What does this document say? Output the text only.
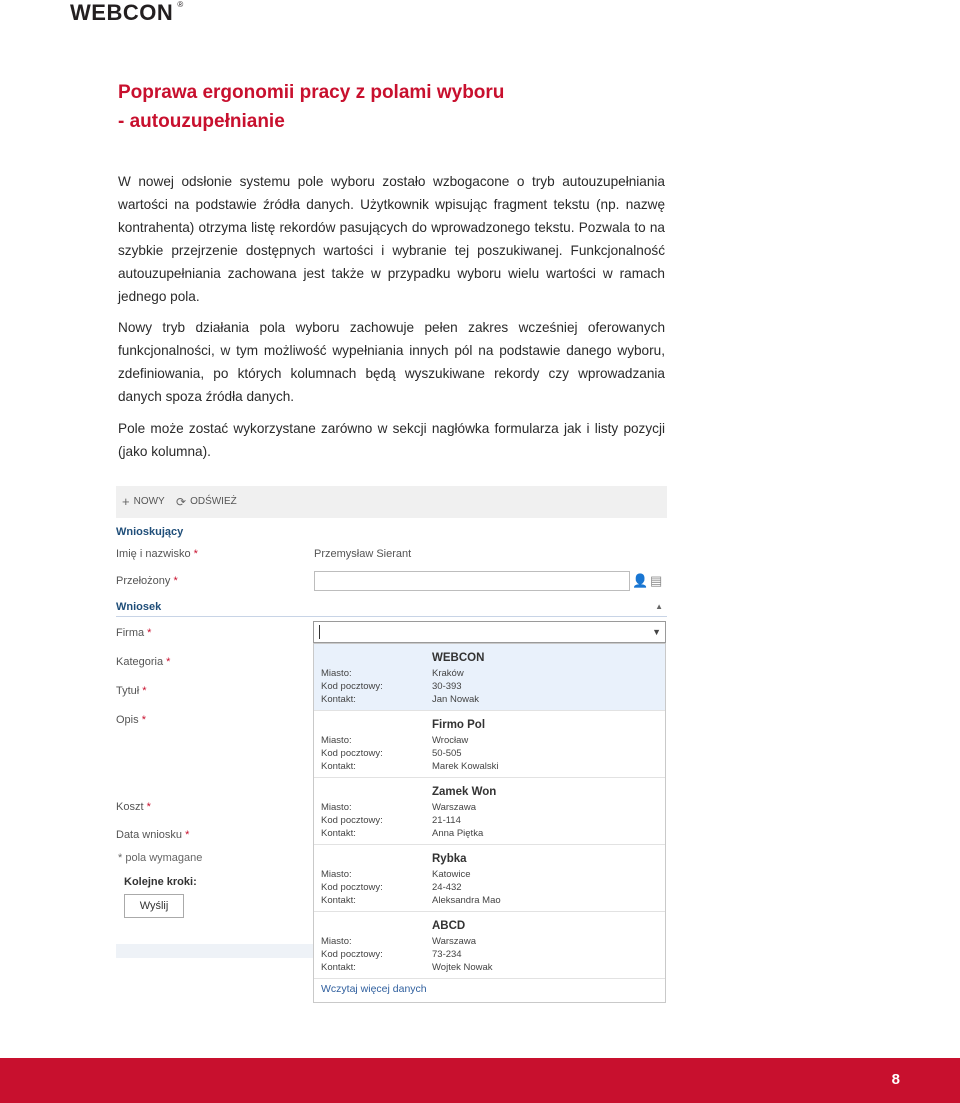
WEBCON ®
Poprawa ergonomii pracy z polami wyboru
- autouzupełnianie

W nowej odsłonie systemu pole wyboru zostało wzbogacone o tryb autouzupełniania wartości na podstawie źródła danych. Użytkownik wpisując fragment tekstu (np. nazwę kontrahenta) otrzyma listę rekordów pasujących do wprowadzonego tekstu. Pozwala to na szybkie przejrzenie dostępnych wartości i wybranie tej poszukiwanej. Funkcjonalność autouzupełniania zachowana jest także w przypadku wyboru wielu wartości w ramach jednego pola.

Nowy tryb działania pola wyboru zachowuje pełen zakres wcześniej oferowanych funkcjonalności, w tym możliwość wypełniania innych pól na podstawie danego wyboru, zdefiniowania, po których kolumnach będą wyszukiwane rekordy czy wprowadzania danych spoza źródła danych.

Pole może zostać wykorzystane zarówno w sekcji nagłówka formularza jak i listy pozycji (jako kolumna).

+ NOWY ⟳ ODŚWIEŻ
Wnioskujący
Imię i nazwisko *	Przemysław Sierant
Przełożony *	👤 ▤
Wniosek	▲
Firma *
Kategoria *
Tytuł *
Opis *
Koszt *
Data wniosku *
* pola wymagane
Kolejne kroki:
Wyślij
▼
WEBCON
Miasto:	Kraków
Kod pocztowy:	30-393
Kontakt:	Jan Nowak
Firmo Pol
Miasto:	Wrocław
Kod pocztowy:	50-505
Kontakt:	Marek Kowalski
Zamek Won
Miasto:	Warszawa
Kod pocztowy:	21-114
Kontakt:	Anna Piętka
Rybka
Miasto:	Katowice
Kod pocztowy:	24-432
Kontakt:	Aleksandra Mao
ABCD
Miasto:	Warszawa
Kod pocztowy:	73-234
Kontakt:	Wojtek Nowak
Wczytaj więcej danych
8
